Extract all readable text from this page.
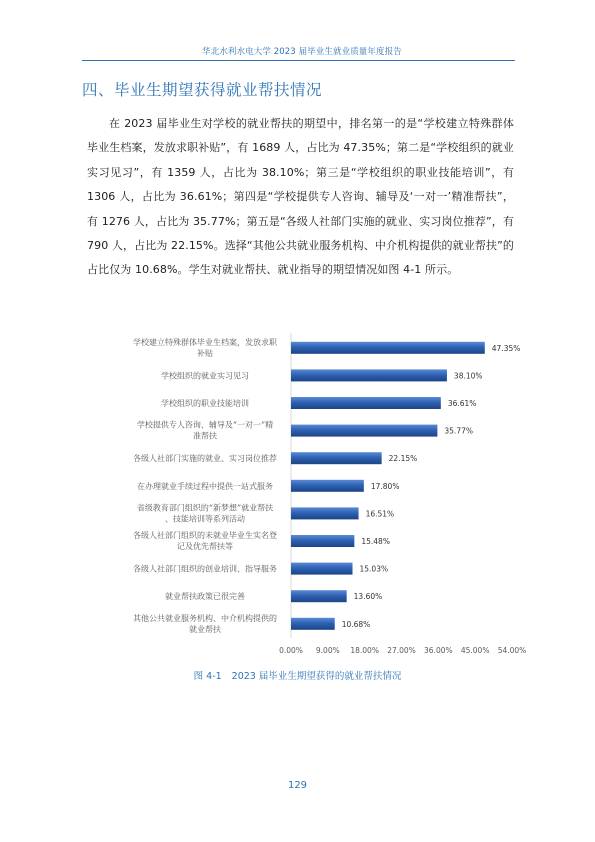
华北水利水电大学 2023 届毕业生就业质量年度报告
四、毕业生期望获得就业帮扶情况
在 2023 届毕业生对学校的就业帮扶的期望中，排名第一的是“学校建立特殊群体毕业生档案，发放求职补贴”，有 1689 人，占比为 47.35%；第二是“学校组织的就业实习见习”，有 1359 人，占比为 38.10%；第三是“学校组织的职业技能培训”，有 1306 人，占比为 36.61%；第四是“学校提供专人咨询、辅导及‘一对一’精准帮扶”，有 1276 人，占比为 35.77%；第五是“各级人社部门实施的就业、实习岗位推荐”，有 790 人，占比为 22.15%。选择“其他公共就业服务机构、中介机构提供的就业帮扶”的占比仅为 10.68%。学生对就业帮扶、就业指导的期望情况如图 4-1 所示。
学校建立特殊群体毕业生档案，发放求职补贴
学校组织的就业实习见习
学校组织的职业技能培训
学校提供专人咨询、辅导及“一对一”精准帮扶
各级人社部门实施的就业、实习岗位推荐
在办理就业手续过程中提供一站式服务
省级教育部门组织的“新梦想”就业帮扶、技能培训等系列活动
各级人社部门组织的未就业毕业生实名登记及优先帮扶等
各级人社部门组织的创业培训、指导服务
就业帮扶政策已很完善
其他公共就业服务机构、中介机构提供的就业帮扶
47.35%
38.10%
36.61%
35.77%
22.15%
17.80%
16.51%
15.48%
15.03%
13.60%
10.68%
0.00% 9.00% 18.00% 27.00% 36.00% 45.00% 54.00%
图 4-1 2023 届毕业生期望获得的就业帮扶情况
129
